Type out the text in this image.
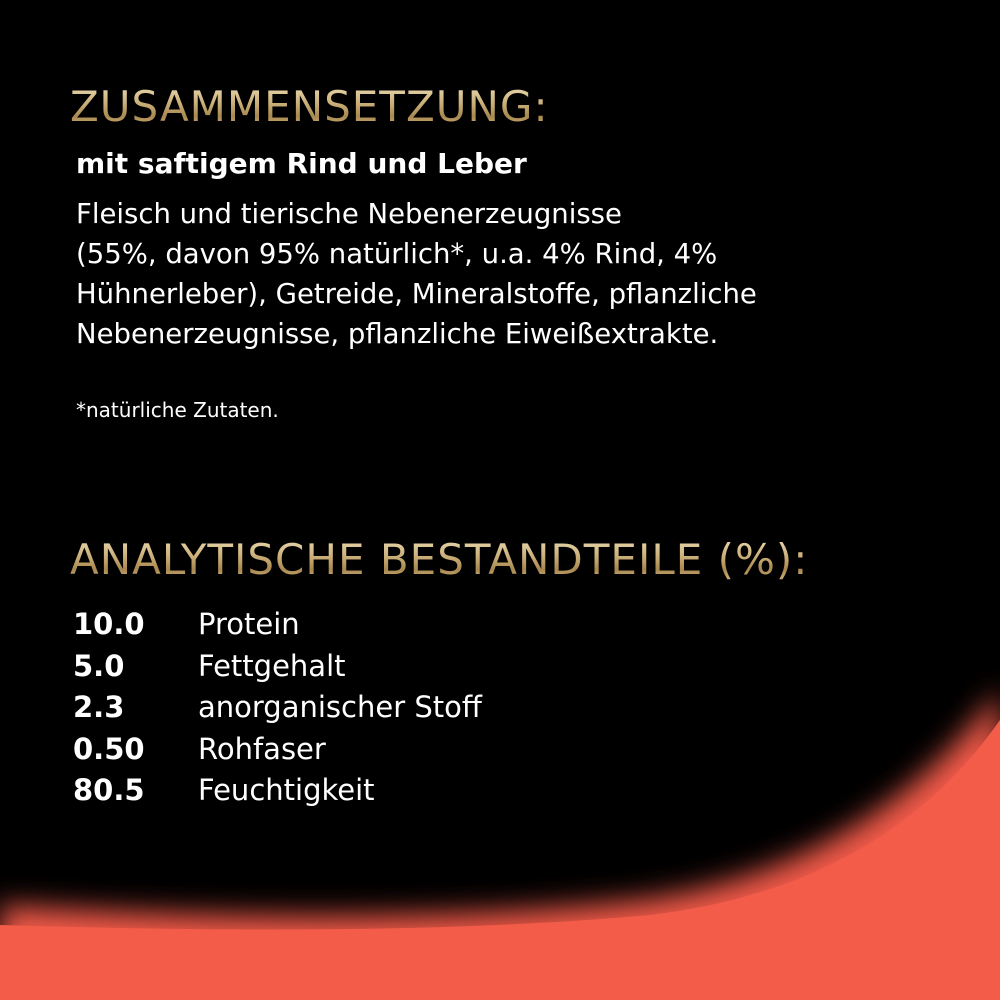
ZUSAMMENSETZUNG:

mit saftigem Rind und Leber

Fleisch und tierische Nebenerzeugnisse
(55%, davon 95% natürlich*, u.a. 4% Rind, 4%
Hühnerleber), Getreide, Mineralstoffe, pflanzliche
Nebenerzeugnisse, pflanzliche Eiweißextrakte.

*natürliche Zutaten.

ANALYTISCHE BESTANDTEILE (%):
10.0	Protein
5.0	Fettgehalt
2.3	anorganischer Stoff
0.50	Rohfaser
80.5	Feuchtigkeit
